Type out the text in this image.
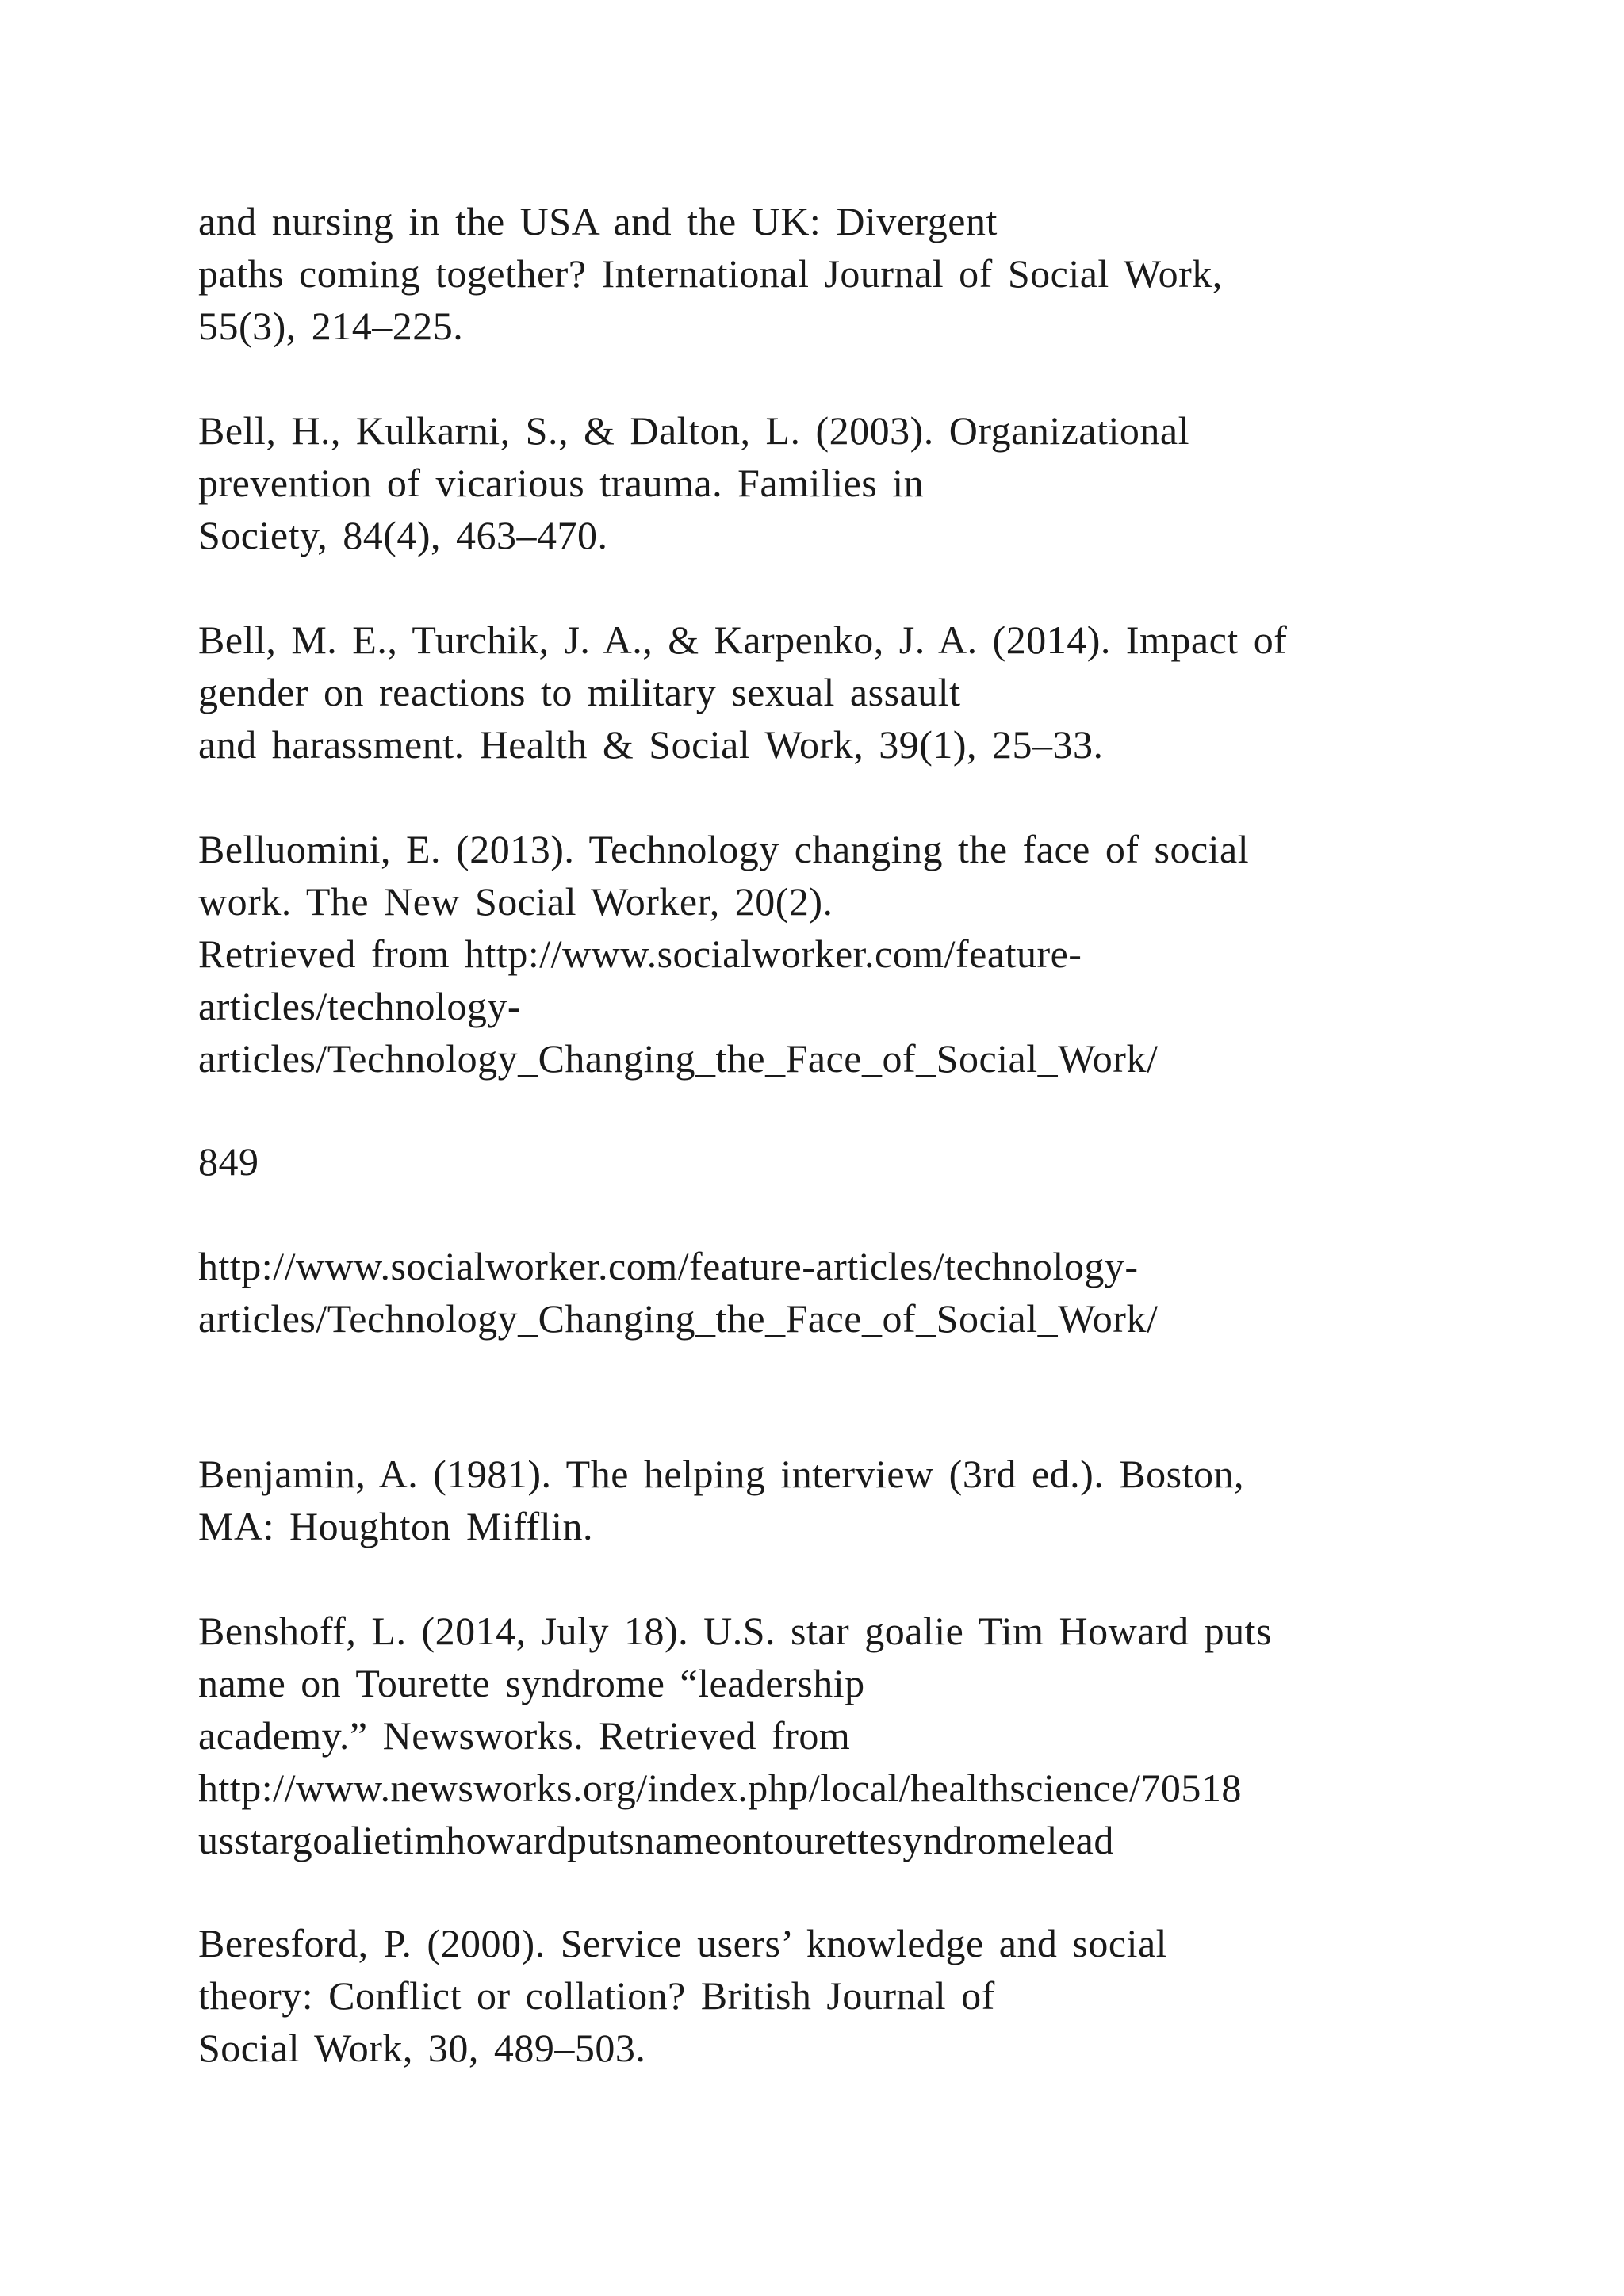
and nursing in the USA and the UK: Divergent
paths coming together? International Journal of Social Work,
55(3), 214–225.
Bell, H., Kulkarni, S., & Dalton, L. (2003). Organizational
prevention of vicarious trauma. Families in
Society, 84(4), 463–470.
Bell, M. E., Turchik, J. A., & Karpenko, J. A. (2014). Impact of
gender on reactions to military sexual assault
and harassment. Health & Social Work, 39(1), 25–33.
Belluomini, E. (2013). Technology changing the face of social
work. The New Social Worker, 20(2).
Retrieved from http://www.socialworker.com/feature-
articles/technology-
articles/Technology_Changing_the_Face_of_Social_Work/
849
http://www.socialworker.com/feature-articles/technology-
articles/Technology_Changing_the_Face_of_Social_Work/
Benjamin, A. (1981). The helping interview (3rd ed.). Boston,
MA: Houghton Mifflin.
Benshoff, L. (2014, July 18). U.S. star goalie Tim Howard puts
name on Tourette syndrome “leadership
academy.” Newsworks. Retrieved from
http://www.newsworks.org/index.php/local/healthscience/70518
usstargoalietimhowardputsnameontourettesyndromelead
Beresford, P. (2000). Service users’ knowledge and social
theory: Conflict or collation? British Journal of
Social Work, 30, 489–503.
